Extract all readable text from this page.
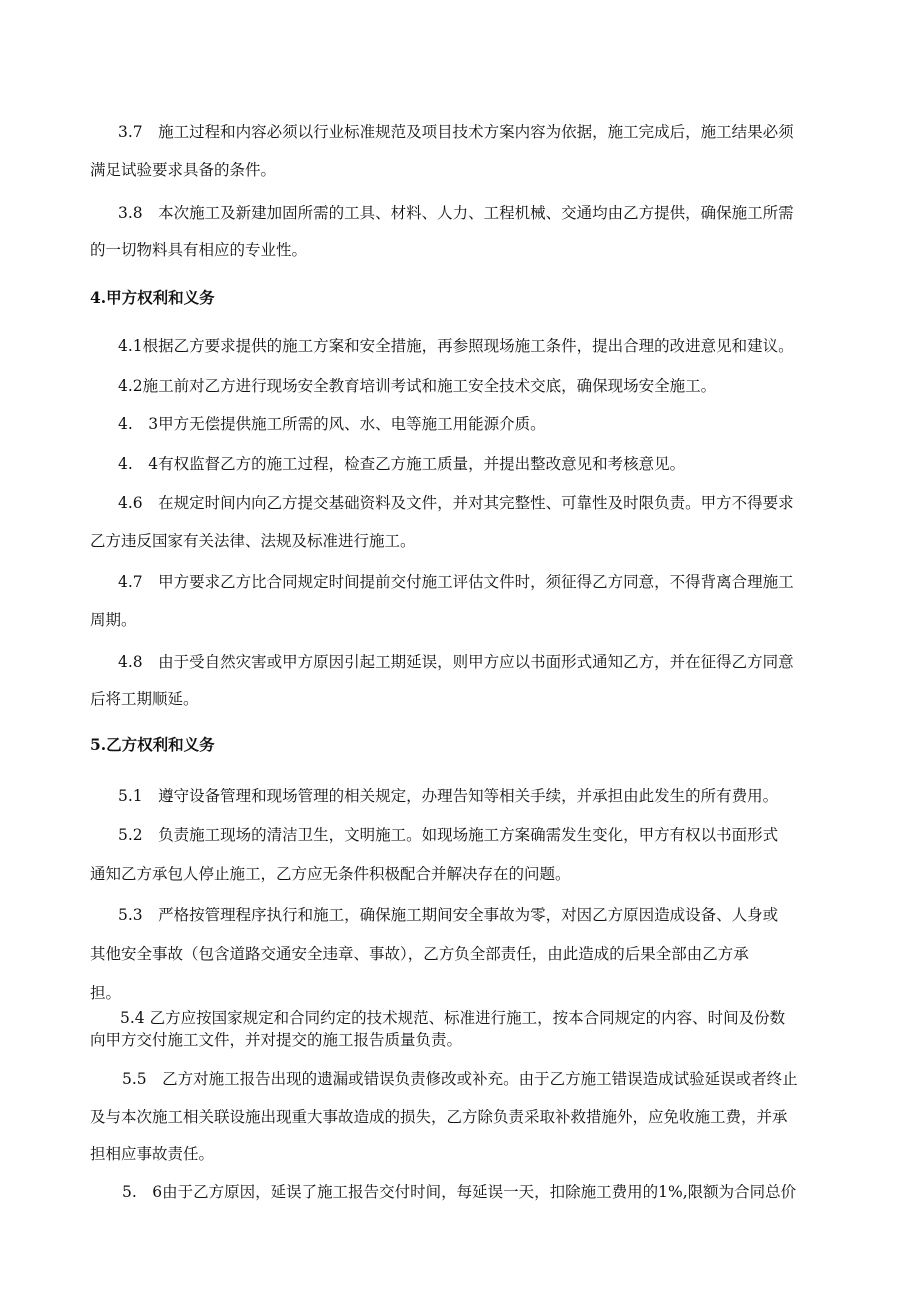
3.7　施工过程和内容必须以行业标准规范及项目技术方案内容为依据，施工完成后，施工结果必须
满足试验要求具备的条件。
3.8　本次施工及新建加固所需的工具、材料、人力、工程机械、交通均由乙方提供，确保施工所需
的一切物料具有相应的专业性。
4.甲方权利和义务
4.1根据乙方要求提供的施工方案和安全措施，再参照现场施工条件，提出合理的改进意见和建议。
4.2施工前对乙方进行现场安全教育培训考试和施工安全技术交底，确保现场安全施工。
4.　3甲方无偿提供施工所需的风、水、电等施工用能源介质。
4.　4有权监督乙方的施工过程，检查乙方施工质量，并提出整改意见和考核意见。
4.6　在规定时间内向乙方提交基础资料及文件，并对其完整性、可靠性及时限负责。甲方不得要求
乙方违反国家有关法律、法规及标准进行施工。
4.7　甲方要求乙方比合同规定时间提前交付施工评估文件时，须征得乙方同意，不得背离合理施工
周期。
4.8　由于受自然灾害或甲方原因引起工期延误，则甲方应以书面形式通知乙方，并在征得乙方同意
后将工期顺延。
5.乙方权利和义务
5.1　遵守设备管理和现场管理的相关规定，办理告知等相关手续，并承担由此发生的所有费用。
5.2　负责施工现场的清洁卫生，文明施工。如现场施工方案确需发生变化，甲方有权以书面形式
通知乙方承包人停止施工，乙方应无条件积极配合并解决存在的问题。
5.3　严格按管理程序执行和施工，确保施工期间安全事故为零，对因乙方原因造成设备、人身或
其他安全事故（包含道路交通安全违章、事故），乙方负全部责任，由此造成的后果全部由乙方承
担。
5.4 乙方应按国家规定和合同约定的技术规范、标准进行施工，按本合同规定的内容、时间及份数
向甲方交付施工文件，并对提交的施工报告质量负责。
5.5　乙方对施工报告出现的遗漏或错误负责修改或补充。由于乙方施工错误造成试验延误或者终止
及与本次施工相关联设施出现重大事故造成的损失，乙方除负责采取补救措施外，应免收施工费，并承
担相应事故责任。
5.　6由于乙方原因，延误了施工报告交付时间，每延误一天，扣除施工费用的1%,限额为合同总价
